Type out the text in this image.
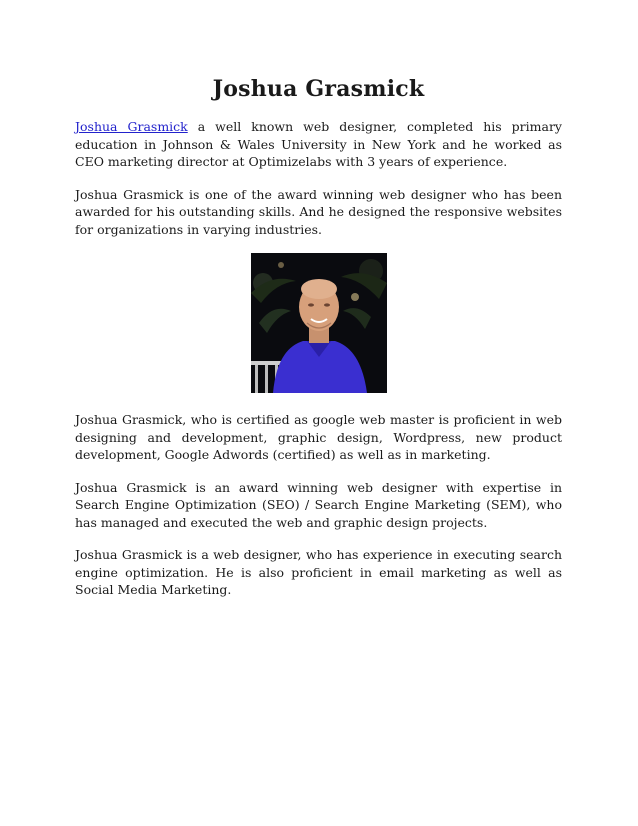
Joshua Grasmick

Joshua Grasmick a well known web designer, completed his primary education in Johnson & Wales University in New York and he worked as CEO marketing director at Optimizelabs with 3 years of experience.

Joshua Grasmick is one of the award winning web designer who has been awarded for his outstanding skills. And he designed the responsive websites for organizations in varying industries.

Joshua Grasmick, who is certified as google web master is proficient in web designing and development, graphic design, Wordpress, new product development, Google Adwords (certified) as well as in marketing.

Joshua Grasmick is an award winning web designer with expertise in Search Engine Optimization (SEO) / Search Engine Marketing (SEM), who has managed and executed the web and graphic design projects.

Joshua Grasmick is a web designer, who has experience in executing search engine optimization. He is also proficient in email marketing as well as Social Media Marketing.
